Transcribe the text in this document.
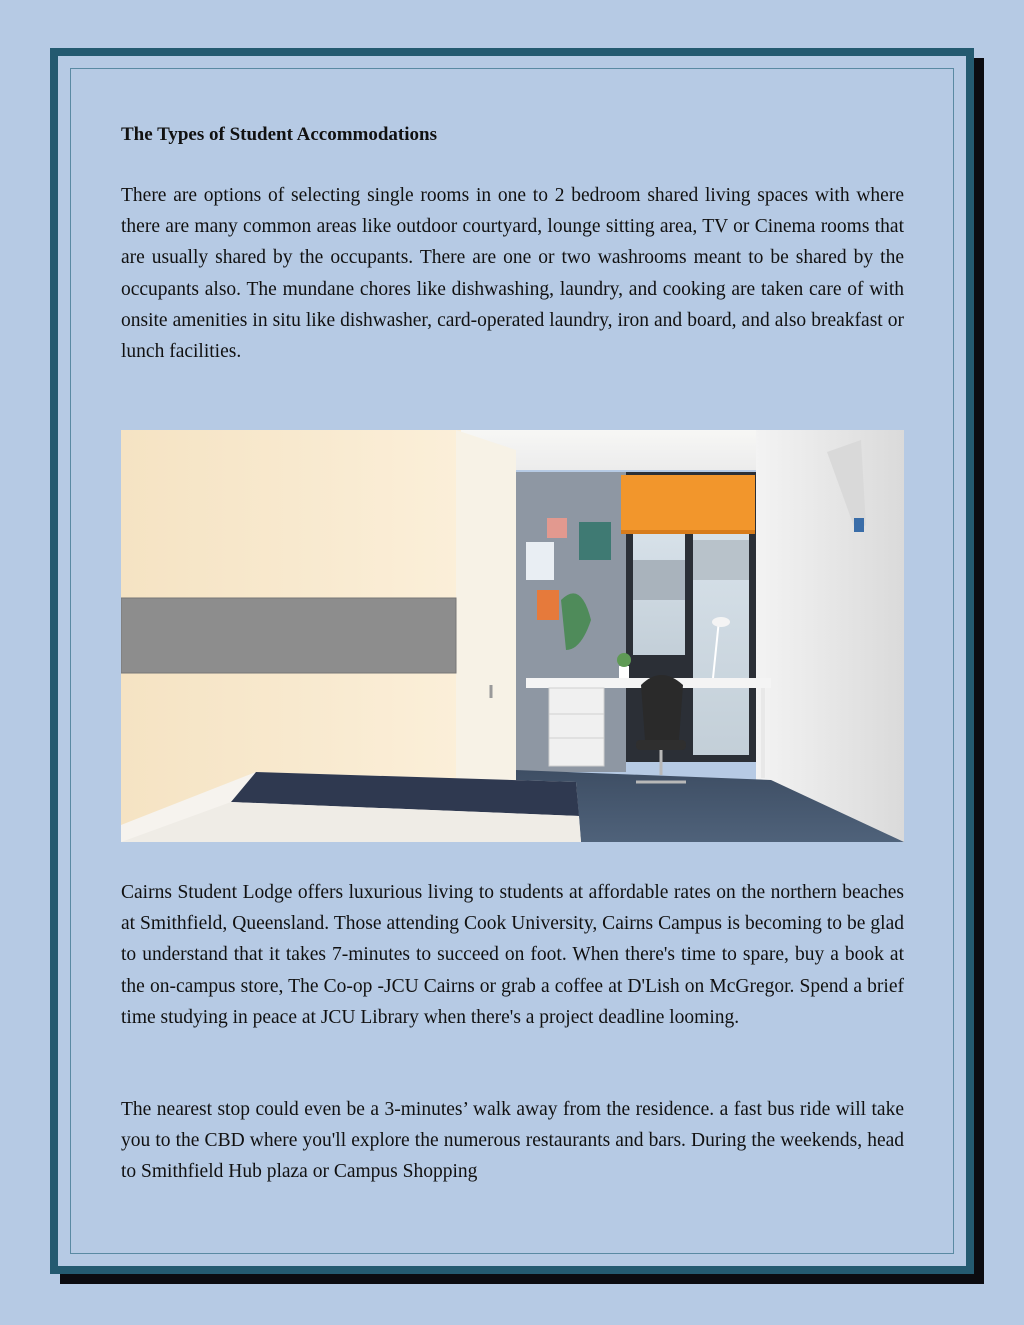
The Types of Student Accommodations

There are options of selecting single rooms in one to 2 bedroom shared living spaces with where there are many common areas like outdoor courtyard, lounge sitting area, TV or Cinema rooms that are usually shared by the occupants. There are one or two washrooms meant to be shared by the occupants also. The mundane chores like dishwashing, laundry, and cooking are taken care of with onsite amenities in situ like dishwasher, card-operated laundry, iron and board, and also breakfast or lunch facilities.

Cairns Student Lodge offers luxurious living to students at affordable rates on the northern beaches at Smithfield, Queensland. Those attending Cook University, Cairns Campus is becoming to be glad to understand that it takes 7-minutes to succeed on foot. When there's time to spare, buy a book at the on-campus store, The Co-op -JCU Cairns or grab a coffee at D'Lish on McGregor. Spend a brief time studying in peace at JCU Library when there's a project deadline looming.

The nearest stop could even be a 3-minutes’ walk away from the residence. a fast bus ride will take you to the CBD where you'll explore the numerous restaurants and bars. During the weekends, head to Smithfield Hub plaza or Campus Shopping
